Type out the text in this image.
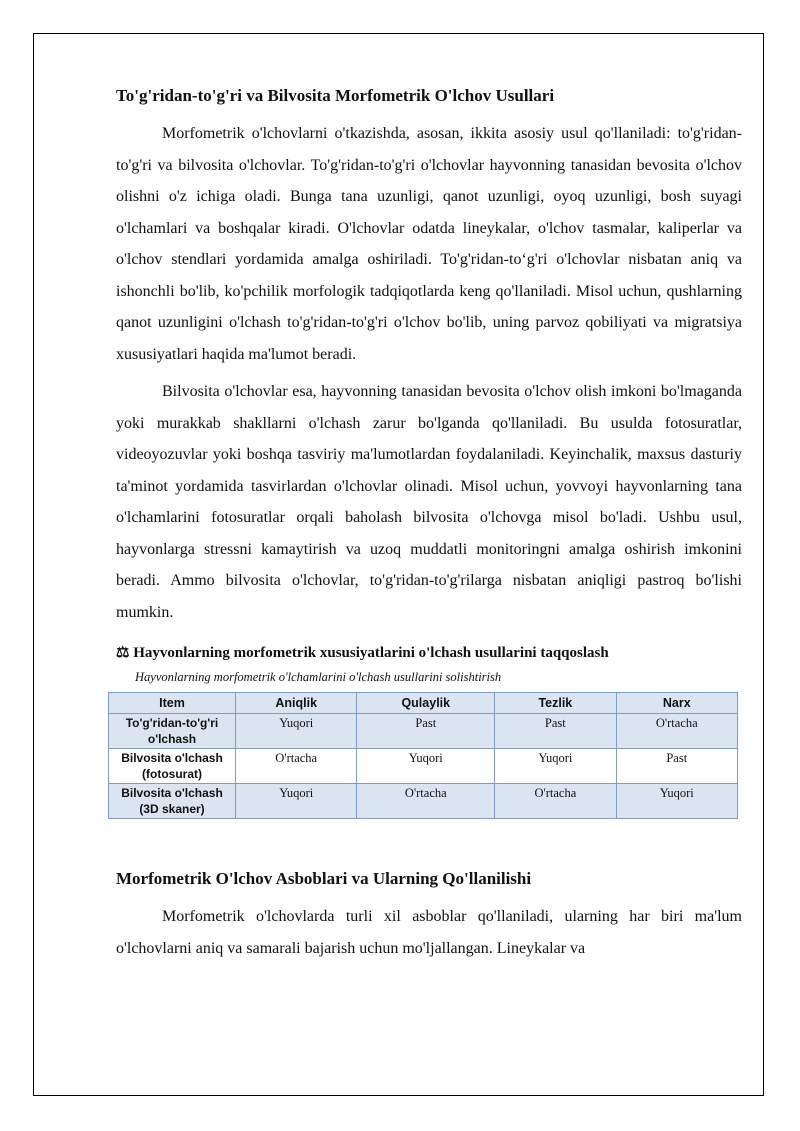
To'g'ridan-to'g'ri va Bilvosita Morfometrik O'lchov Usullari

Morfometrik o'lchovlarni o'tkazishda, asosan, ikkita asosiy usul qo'llaniladi: to'g'ridan-to'g'ri va bilvosita o'lchovlar. To'g'ridan-to'g'ri o'lchovlar hayvonning tanasidan bevosita o'lchov olishni o'z ichiga oladi. Bunga tana uzunligi, qanot uzunligi, oyoq uzunligi, bosh suyagi o'lchamlari va boshqalar kiradi. O'lchovlar odatda lineykalar, o'lchov tasmalar, kaliperlar va o'lchov stendlari yordamida amalga oshiriladi. To'g'ridan-toʻg'ri o'lchovlar nisbatan aniq va ishonchli bo'lib, ko'pchilik morfologik tadqiqotlarda keng qo'llaniladi. Misol uchun, qushlarning qanot uzunligini o'lchash to'g'ridan-to'g'ri o'lchov bo'lib, uning parvoz qobiliyati va migratsiya xususiyatlari haqida ma'lumot beradi.

Bilvosita o'lchovlar esa, hayvonning tanasidan bevosita o'lchov olish imkoni bo'lmaganda yoki murakkab shakllarni o'lchash zarur bo'lganda qo'llaniladi. Bu usulda fotosuratlar, videoyozuvlar yoki boshqa tasviriy ma'lumotlardan foydalaniladi. Keyinchalik, maxsus dasturiy ta'minot yordamida tasvirlardan o'lchovlar olinadi. Misol uchun, yovvoyi hayvonlarning tana o'lchamlarini fotosuratlar orqali baholash bilvosita o'lchovga misol bo'ladi. Ushbu usul, hayvonlarga stressni kamaytirish va uzoq muddatli monitoringni amalga oshirish imkonini beradi. Ammo bilvosita o'lchovlar, to'g'ridan-to'g'rilarga nisbatan aniqligi pastroq bo'lishi mumkin.

⚖ Hayvonlarning morfometrik xususiyatlarini o'lchash usullarini taqqoslash
Hayvonlarning morfometrik o'lchamlarini o'lchash usullarini solishtirish
Item	Aniqlik	Qulaylik	Tezlik	Narx
To'g'ridan-to'g'ri o'lchash	Yuqori	Past	Past	O'rtacha
Bilvosita o'lchash (fotosurat)	O'rtacha	Yuqori	Yuqori	Past
Bilvosita o'lchash (3D skaner)	Yuqori	O'rtacha	O'rtacha	Yuqori
Morfometrik O'lchov Asboblari va Ularning Qo'llanilishi

Morfometrik o'lchovlarda turli xil asboblar qo'llaniladi, ularning har biri ma'lum o'lchovlarni aniq va samarali bajarish uchun mo'ljallangan. Lineykalar va
